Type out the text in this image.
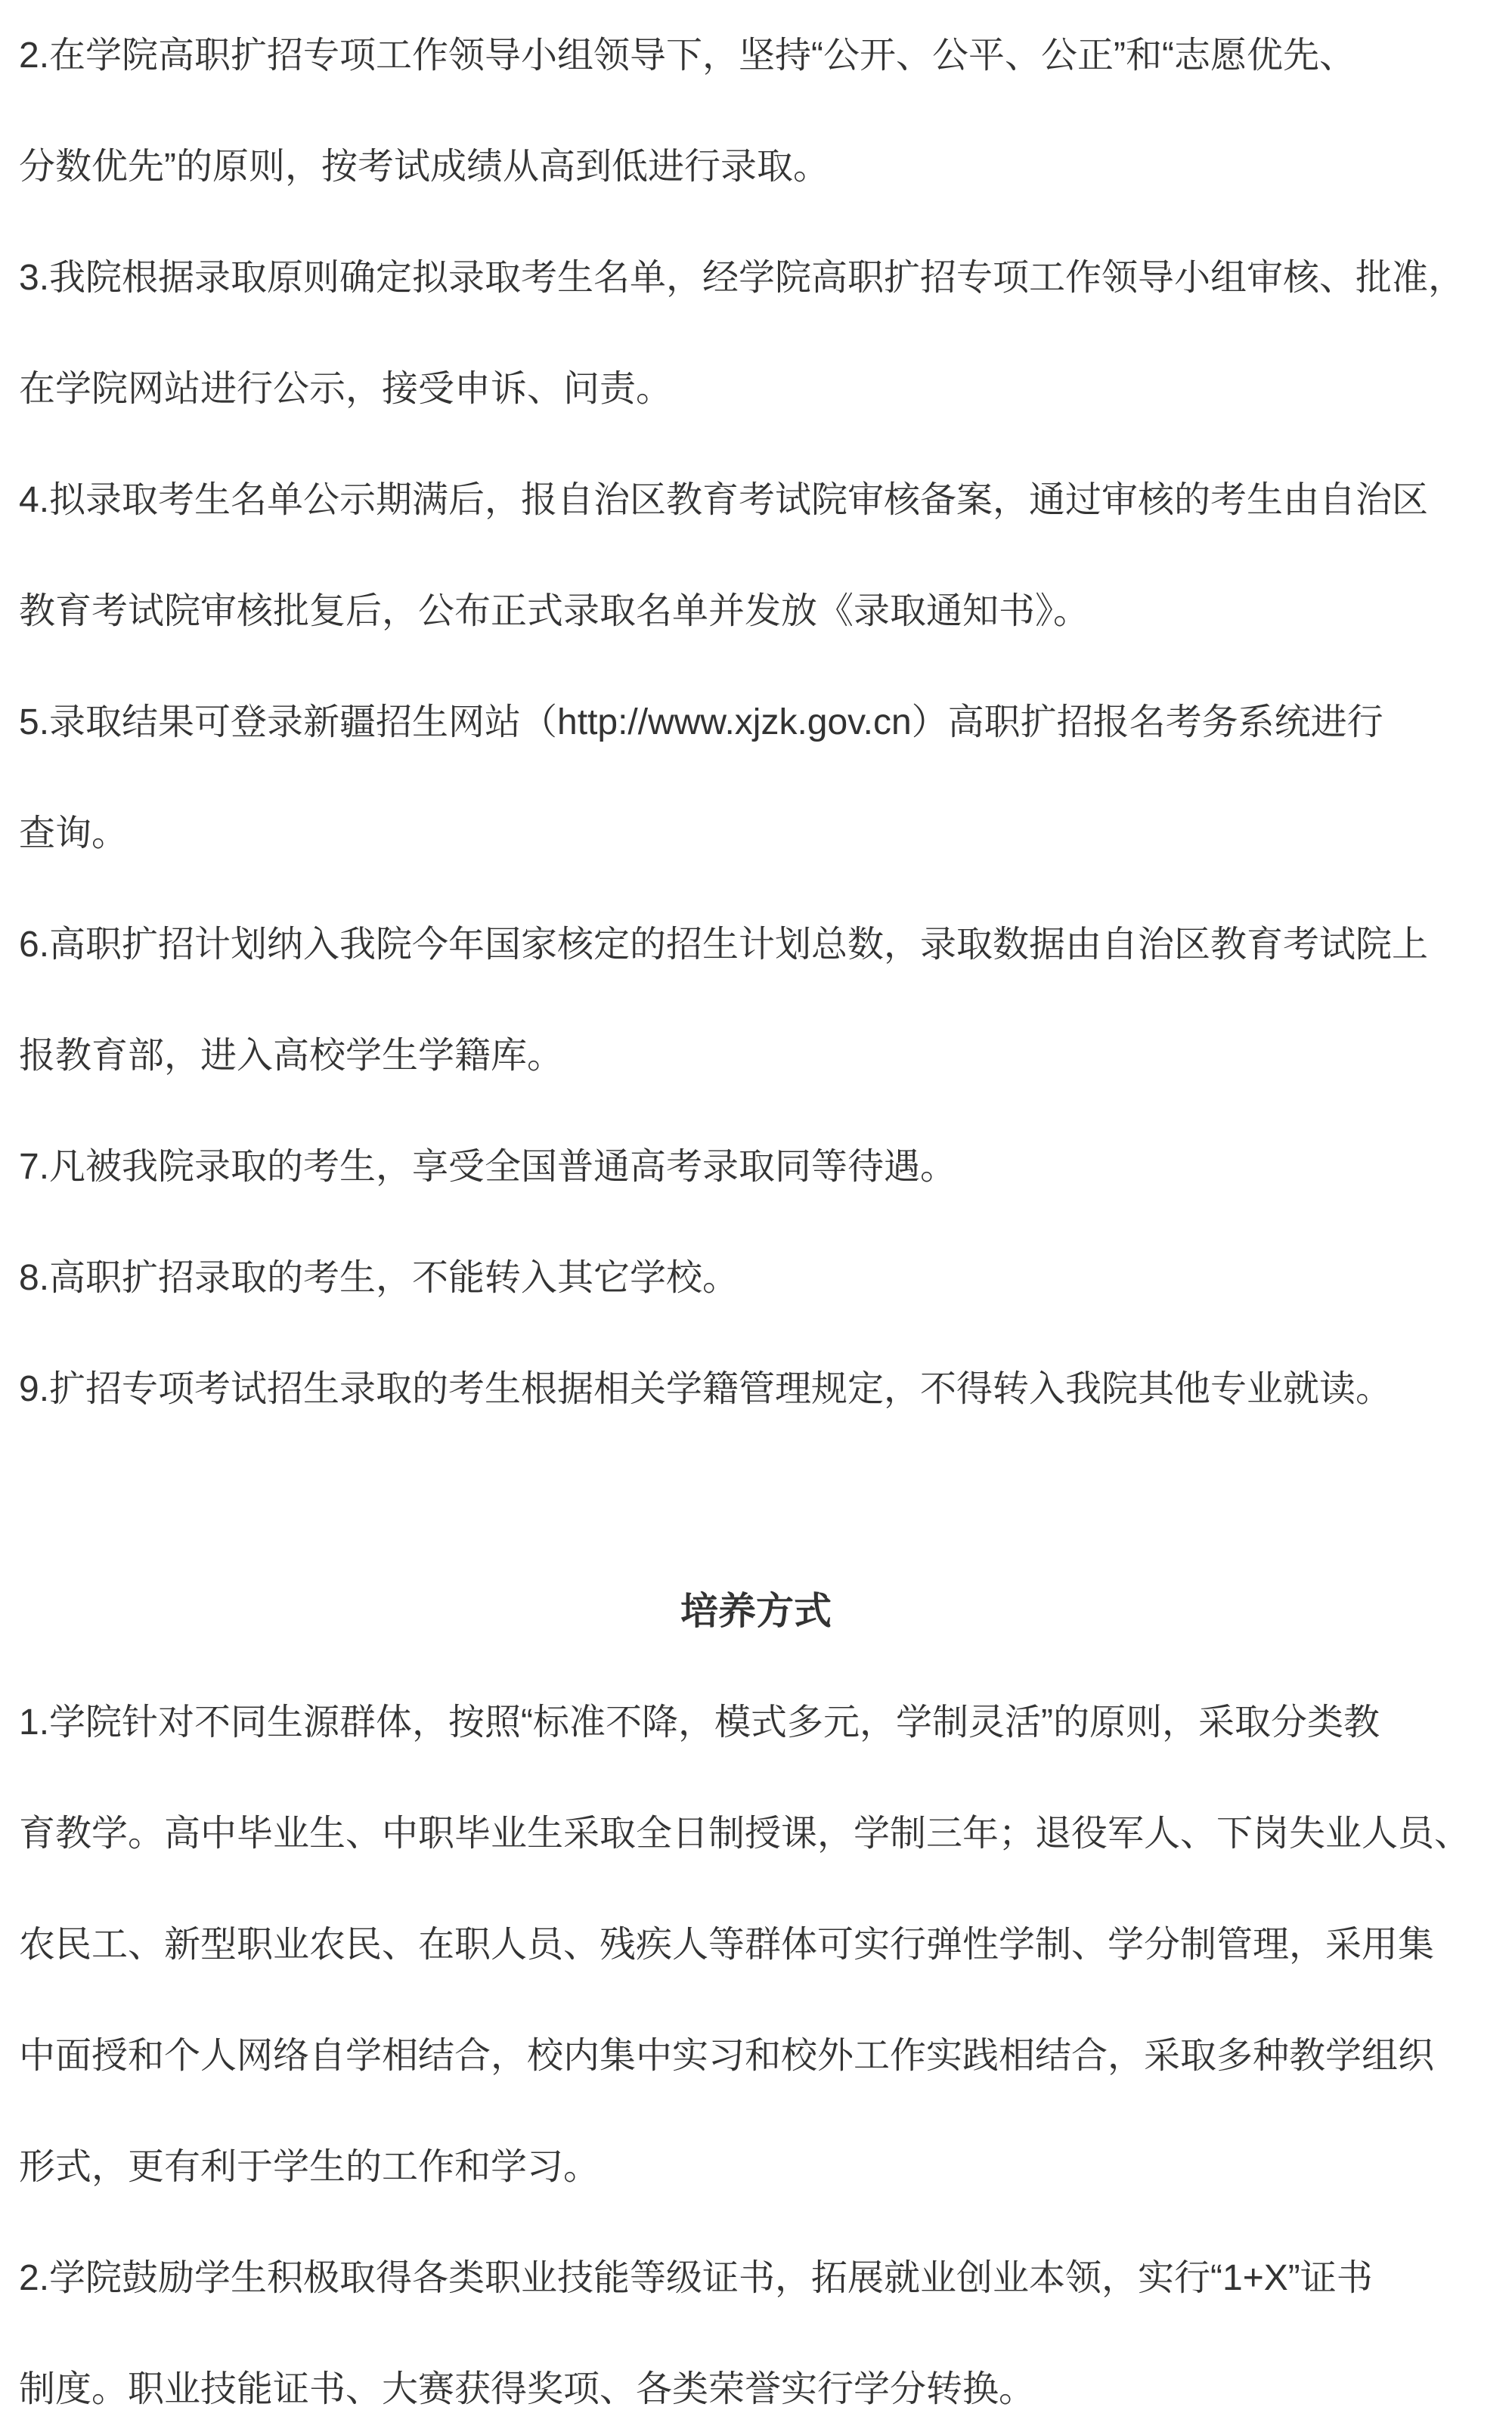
2.在学院高职扩招专项工作领导小组领导下，坚持“公开、公平、公正”和“志愿优先、
分数优先”的原则，按考试成绩从高到低进行录取。
3.我院根据录取原则确定拟录取考生名单，经学院高职扩招专项工作领导小组审核、批准，
在学院网站进行公示，接受申诉、问责。
4.拟录取考生名单公示期满后，报自治区教育考试院审核备案，通过审核的考生由自治区
教育考试院审核批复后，公布正式录取名单并发放《录取通知书》。
5.录取结果可登录新疆招生网站（http://www.xjzk.gov.cn）高职扩招报名考务系统进行
查询。
6.高职扩招计划纳入我院今年国家核定的招生计划总数，录取数据由自治区教育考试院上
报教育部，进入高校学生学籍库。
7.凡被我院录取的考生，享受全国普通高考录取同等待遇。
8.高职扩招录取的考生，不能转入其它学校。
9.扩招专项考试招生录取的考生根据相关学籍管理规定，不得转入我院其他专业就读。
培养方式
1.学院针对不同生源群体，按照“标准不降，模式多元，学制灵活”的原则，采取分类教
育教学。高中毕业生、中职毕业生采取全日制授课，学制三年；退役军人、下岗失业人员、
农民工、新型职业农民、在职人员、残疾人等群体可实行弹性学制、学分制管理，采用集
中面授和个人网络自学相结合，校内集中实习和校外工作实践相结合，采取多种教学组织
形式，更有利于学生的工作和学习。
2.学院鼓励学生积极取得各类职业技能等级证书，拓展就业创业本领，实行“1+X”证书
制度。职业技能证书、大赛获得奖项、各类荣誉实行学分转换。
